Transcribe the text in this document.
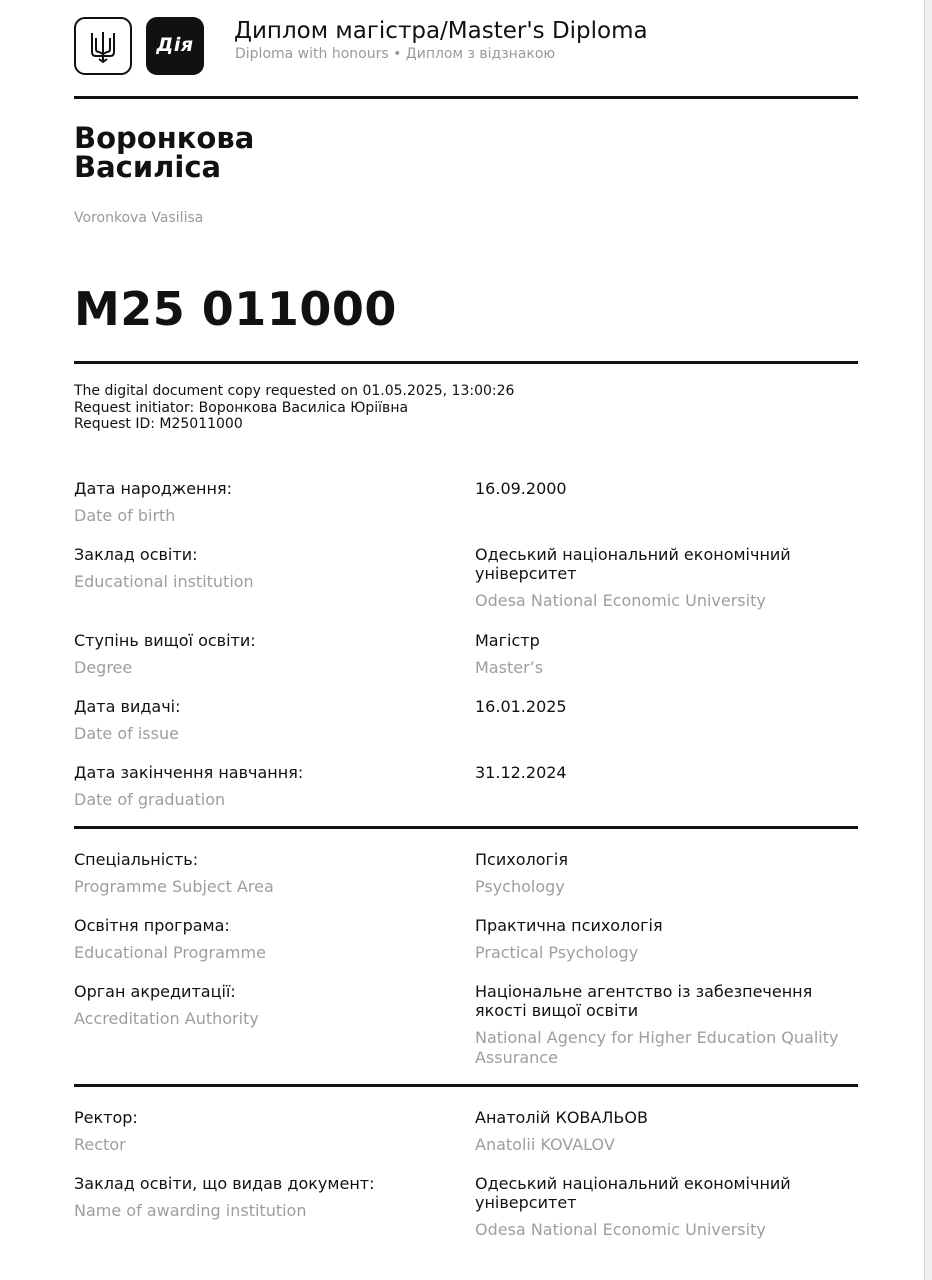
Дія
Диплом магістра/Master's Diploma
Diploma with honours • Диплом з відзнакою
Воронкова
Василіса
Voronkova Vasilisa
M25 011000
The digital document copy requested on 01.05.2025, 13:00:26
Request initiator: Воронкова Василіса Юріївна
Request ID: M25011000
Дата народження:
Date of birth
16.09.2000
Заклад освіти:
Educational institution
Одеський національний економічний університет
Odesa National Economic University
Ступінь вищої освіти:
Degree
Магістр
Master’s
Дата видачі:
Date of issue
16.01.2025
Дата закінчення навчання:
Date of graduation
31.12.2024
Спеціальність:
Programme Subject Area
Психологія
Psychology
Освітня програма:
Educational Programme
Практична психологія
Practical Psychology
Орган акредитації:
Accreditation Authority
Національне агентство із забезпечення якості вищої освіти
National Agency for Higher Education Quality Assurance
Ректор:
Rector
Анатолій КОВАЛЬОВ
Anatolii KOVALOV
Заклад освіти, що видав документ:
Name of awarding institution
Одеський національний економічний університет
Odesa National Economic University
